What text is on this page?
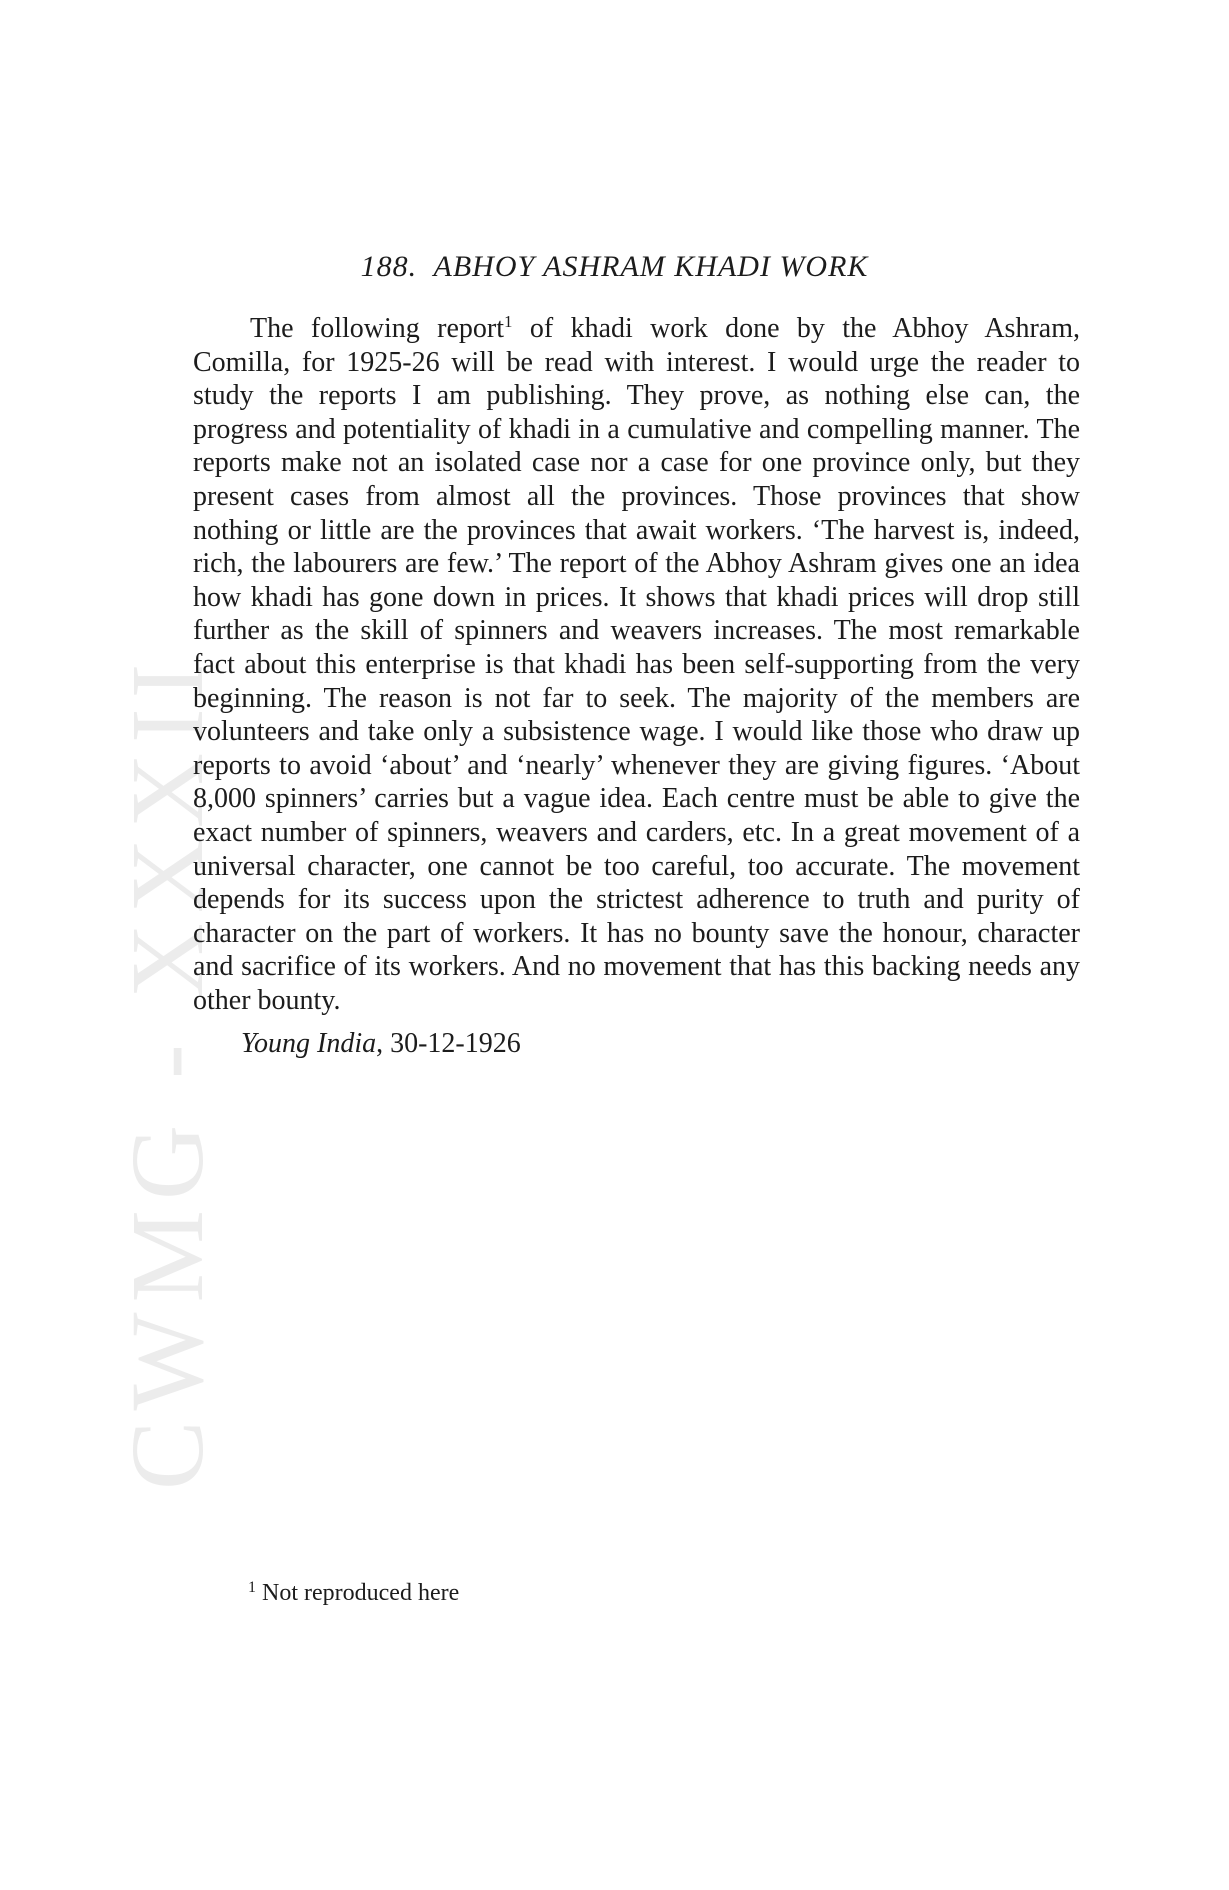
CWMG - XXXII
188. ABHOY ASHRAM KHADI WORK

The following report$^1$ of khadi work done by the Abhoy Ashram, Comilla, for 1925-26 will be read with interest. I would urge the reader to study the reports I am publishing. They prove, as nothing else can, the progress and potentiality of khadi in a cumulative and compelling manner. The reports make not an isolated case nor a case for one province only, but they present cases from almost all the provinces. Those provinces that show nothing or little are the provinces that await workers. ‘The harvest is, indeed, rich, the labourers are few.’ The report of the Abhoy Ashram gives one an idea how khadi has gone down in prices. It shows that khadi prices will drop still further as the skill of spinners and weavers increases. The most remarkable fact about this enterprise is that khadi has been self-supporting from the very beginning. The reason is not far to seek. The majority of the members are volunteers and take only a subsistence wage. I would like those who draw up reports to avoid ‘about’ and ‘nearly’ whenever they are giving figures. ‘About 8,000 spinners’ carries but a vague idea. Each centre must be able to give the exact number of spinners, weavers and carders, etc. In a great movement of a universal character, one cannot be too careful, too accurate. The movement depends for its success upon the strictest adherence to truth and purity of character on the part of workers. It has no bounty save the honour, character and sacrifice of its workers. And no movement that has this backing needs any other bounty.

Young India, 30-12-1926

$^1$ Not reproduced here
